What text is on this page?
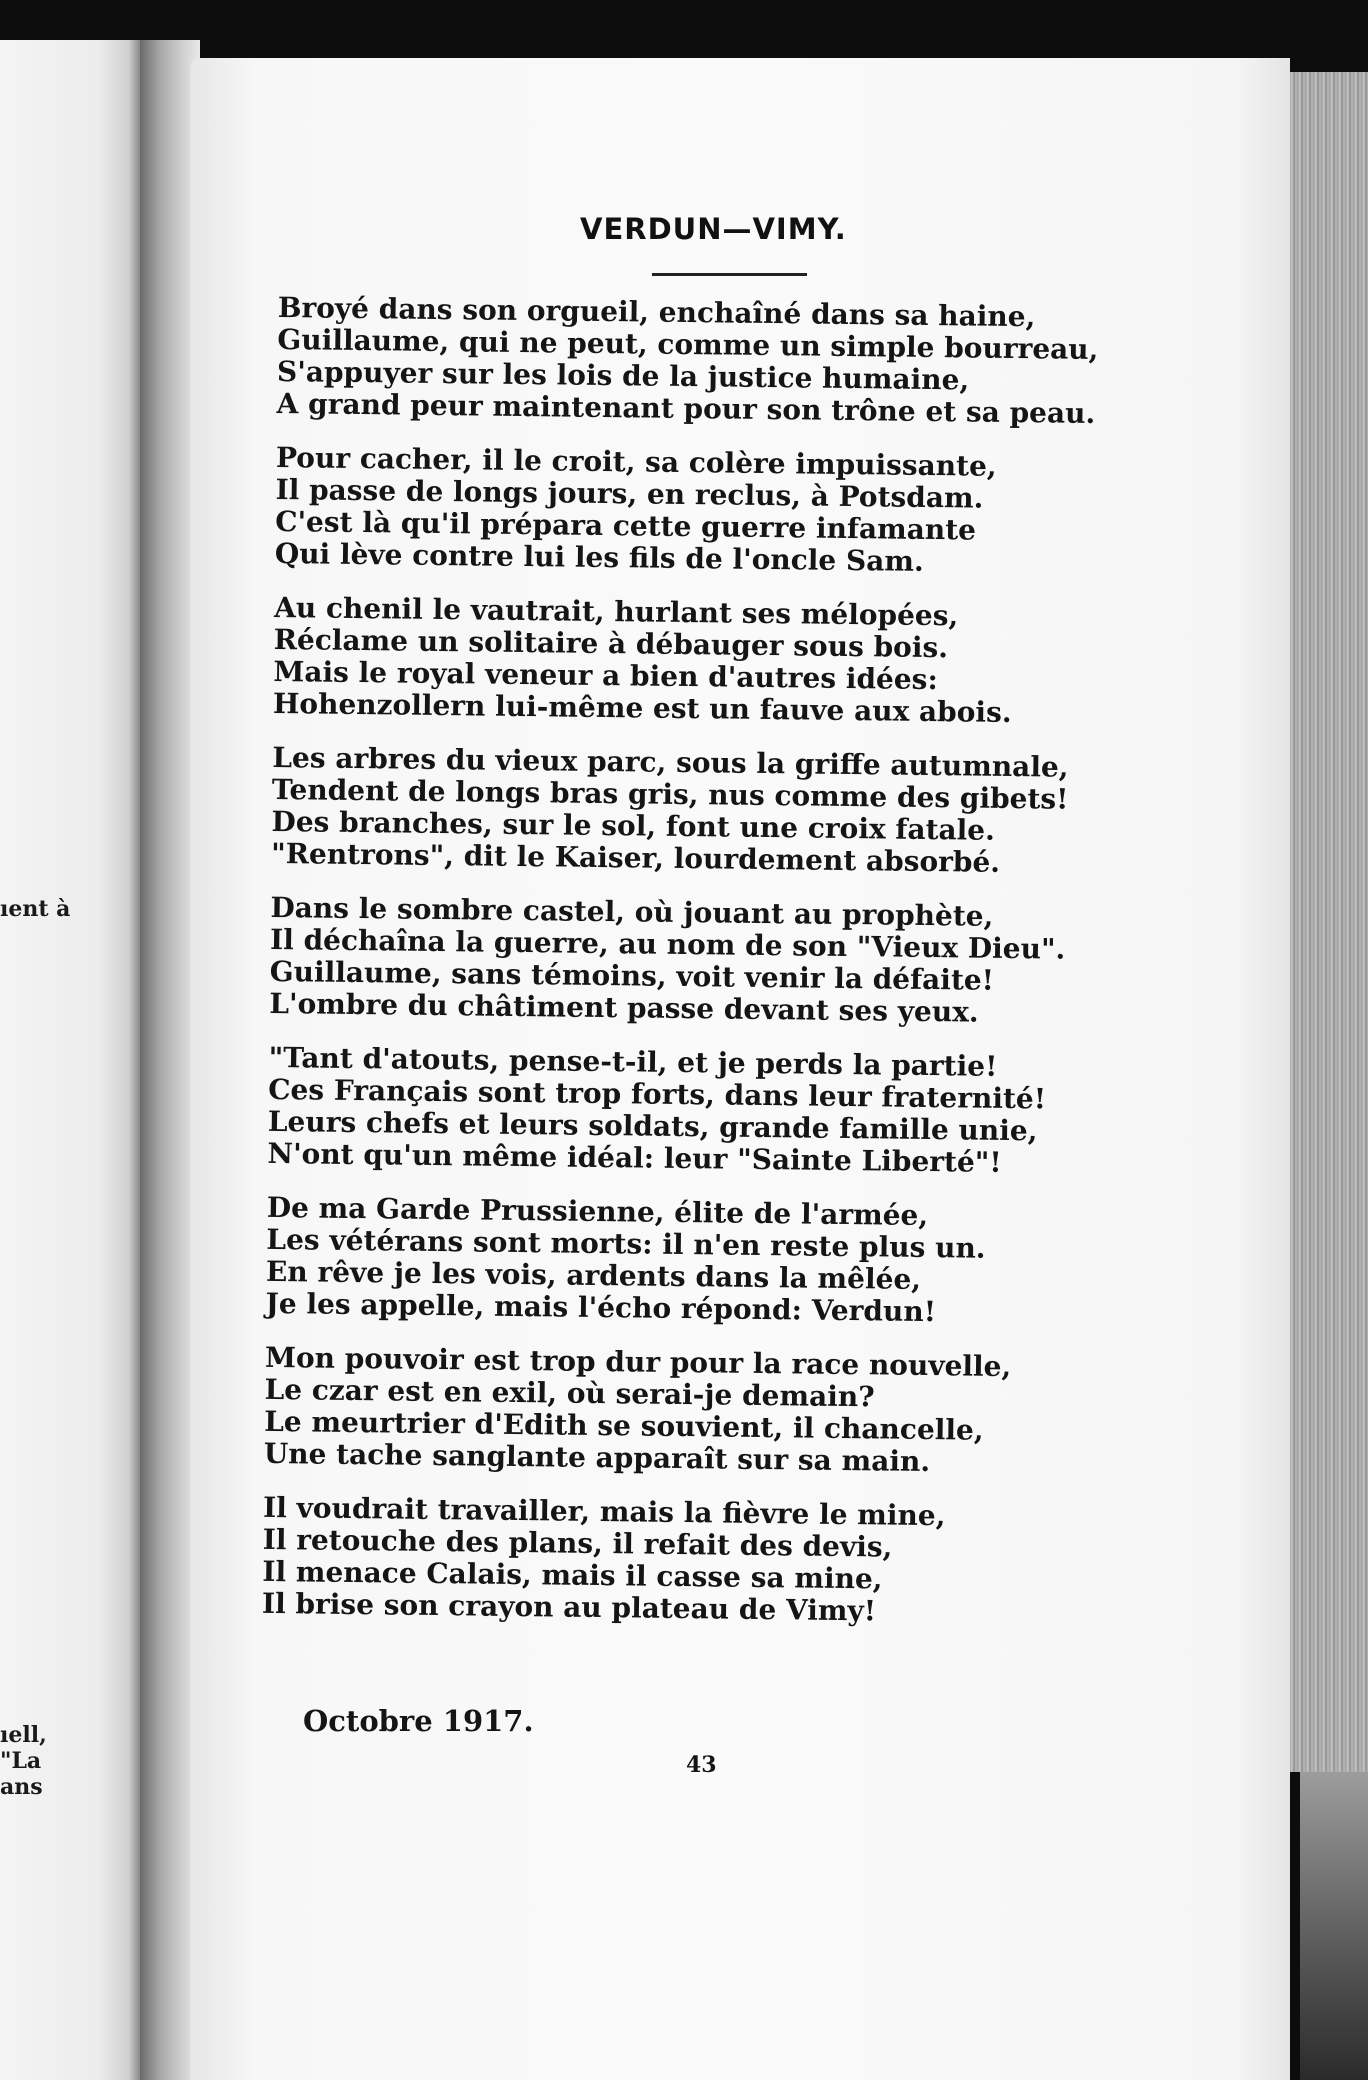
ıent à
ıell,
"La
ans
VERDUN—VIMY.
Broyé dans son orgueil, enchaîné dans sa haine,
Guillaume, qui ne peut, comme un simple bourreau,
S'appuyer sur les lois de la justice humaine,
A grand peur maintenant pour son trône et sa peau.
Pour cacher, il le croit, sa colère impuissante,
Il passe de longs jours, en reclus, à Potsdam.
C'est là qu'il prépara cette guerre infamante
Qui lève contre lui les fils de l'oncle Sam.
Au chenil le vautrait, hurlant ses mélopées,
Réclame un solitaire à débauger sous bois.
Mais le royal veneur a bien d'autres idées:
Hohenzollern lui-même est un fauve aux abois.
Les arbres du vieux parc, sous la griffe autumnale,
Tendent de longs bras gris, nus comme des gibets!
Des branches, sur le sol, font une croix fatale.
"Rentrons", dit le Kaiser, lourdement absorbé.
Dans le sombre castel, où jouant au prophète,
Il déchaîna la guerre, au nom de son "Vieux Dieu".
Guillaume, sans témoins, voit venir la défaite!
L'ombre du châtiment passe devant ses yeux.
"Tant d'atouts, pense-t-il, et je perds la partie!
Ces Français sont trop forts, dans leur fraternité!
Leurs chefs et leurs soldats, grande famille unie,
N'ont qu'un même idéal: leur "Sainte Liberté"!
De ma Garde Prussienne, élite de l'armée,
Les vétérans sont morts: il n'en reste plus un.
En rêve je les vois, ardents dans la mêlée,
Je les appelle, mais l'écho répond: Verdun!
Mon pouvoir est trop dur pour la race nouvelle,
Le czar est en exil, où serai-je demain?
Le meurtrier d'Edith se souvient, il chancelle,
Une tache sanglante apparaît sur sa main.
Il voudrait travailler, mais la fièvre le mine,
Il retouche des plans, il refait des devis,
Il menace Calais, mais il casse sa mine,
Il brise son crayon au plateau de Vimy!
Octobre 1917.
43
